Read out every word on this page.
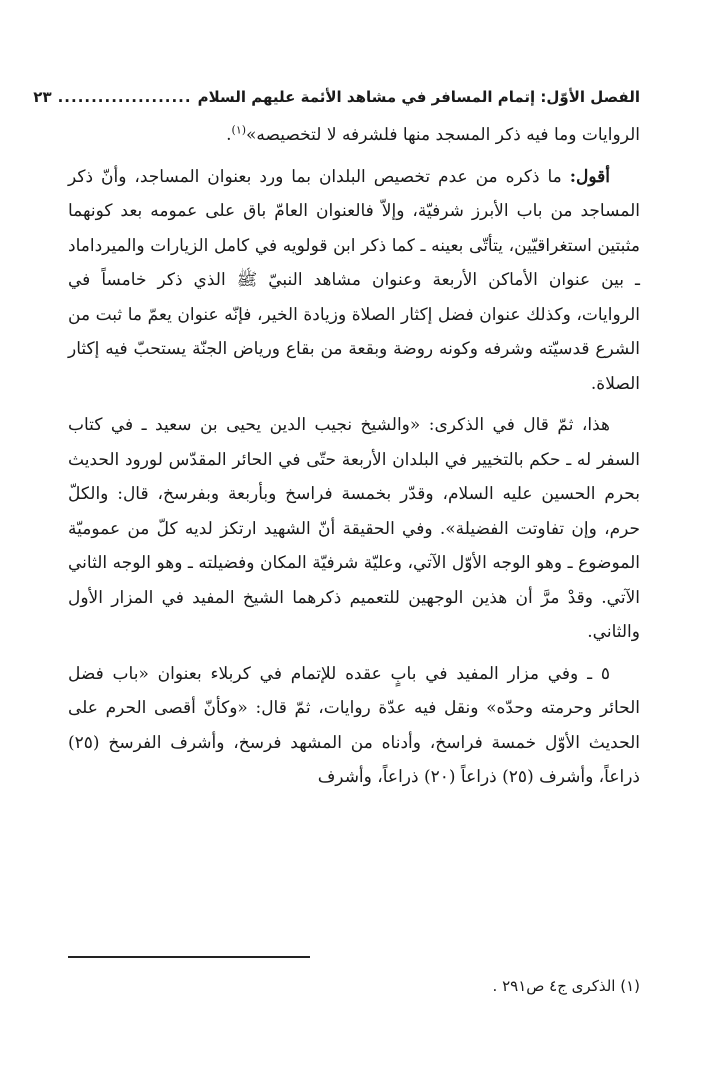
الفصل الأوّل: إتمام المسافر في مشاهد الأئمة عليهم السلام
....................
٢٣

الروايات وما فيه ذكر المسجد منها فلشرفه لا لتخصيصه»$^{(١)}$.

أقول: ما ذكره من عدم تخصيص البلدان بما ورد بعنوان المساجد، وأنّ ذكر المساجد من باب الأبرز شرفيّة، وإلاّ فالعنوان العامّ باق على عمومه بعد كونهما مثبتين استغراقيّين، يتأتّى بعينه ـ كما ذكر ابن قولويه في كامل الزيارات والميرداماد ـ بين عنوان الأماكن الأربعة وعنوان مشاهد النبيّ ﷺ الذي ذكر خامساً في الروايات، وكذلك عنوان فضل إكثار الصلاة وزيادة الخير، فإنّه عنوان يعمّ ما ثبت من الشرع قدسيّته وشرفه وكونه روضة وبقعة من بقاع ورياض الجنّة يستحبّ فيه إكثار الصلاة.

هذا، ثمّ قال في الذكرى: «والشيخ نجيب الدين يحيى بن سعيد ـ في كتاب السفر له ـ حكم بالتخيير في البلدان الأربعة حتّى في الحائر المقدّس لورود الحديث بحرم الحسين عليه السلام، وقدّر بخمسة فراسخ وبأربعة وبفرسخ، قال: والكلّ حرم، وإن تفاوتت الفضيلة». وفي الحقيقة أنّ الشهيد ارتكز لديه كلّ من عموميّة الموضوع ـ وهو الوجه الأوّل الآتي، وعليّة شرفيّة المكان وفضيلته ـ وهو الوجه الثاني الآتي. وقدْ مرَّ أن هذين الوجهين للتعميم ذكرهما الشيخ المفيد في المزار الأول والثاني.

٥ ـ وفي مزار المفيد في بابٍ عقده للإتمام في كربلاء بعنوان «باب فضل الحائر وحرمته وحدّه» ونقل فيه عدّة روايات، ثمّ قال: «وكأنّ أقصى الحرم على الحديث الأوّل خمسة فراسخ، وأدناه من المشهد فرسخ، وأشرف الفرسخ (٢٥) ذراعاً، وأشرف (٢٥) ذراعاً (٢٠) ذراعاً، وأشرف

(١) الذكرى ج٤ ص٢٩١ .
